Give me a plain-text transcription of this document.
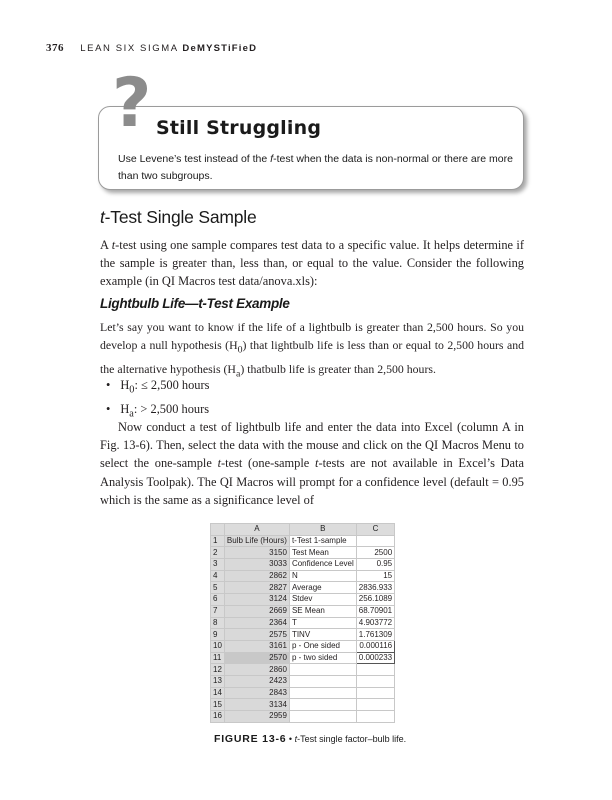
376 LEAN SIX SIGMA DeMYSTiFieD
? Still Struggling
Use Levene’s test instead of the f-test when the data is non-normal or there are more than two subgroups.
t-Test Single Sample

A t-test using one sample compares test data to a specific value. It helps determine if the sample is greater than, less than, or equal to the value. Consider the following example (in QI Macros test data/anova.xls):

Lightbulb Life—t-Test Example

Let’s say you want to know if the life of a lightbulb is greater than 2,500 hours. So you develop a null hypothesis $(H_0)$ that lightbulb life is less than or equal to 2,500 hours and the alternative hypothesis $(H_a)$ thatbulb life is greater than 2,500 hours.

• $H_0$: ≤ 2,500 hours
• $H_a$: > 2,500 hours

Now conduct a test of lightbulb life and enter the data into Excel (column A in Fig. 13-6). Then, select the data with the mouse and click on the QI Macros Menu to select the one-sample t-test (one-sample t-tests are not available in Excel’s Data Analysis Toolpak). The QI Macros will prompt for a confidence level (default = 0.95 which is the same as a significance level of

	A	B	C
1	Bulb Life (Hours)	t-Test 1-sample	
2	3150	Test Mean	2500
3	3033	Confidence Level	0.95
4	2862	N	15
5	2827	Average	2836.933
6	3124	Stdev	256.1089
7	2669	SE Mean	68.70901
8	2364	T	4.903772
9	2575	TINV	1.761309
10	3161	p - One sided	0.000116
11	2570	p - two sided	0.000233
12	2860		
13	2423		
14	2843		
15	3134		
16	2959		
FIGURE 13-6 • t-Test single factor–bulb life.
